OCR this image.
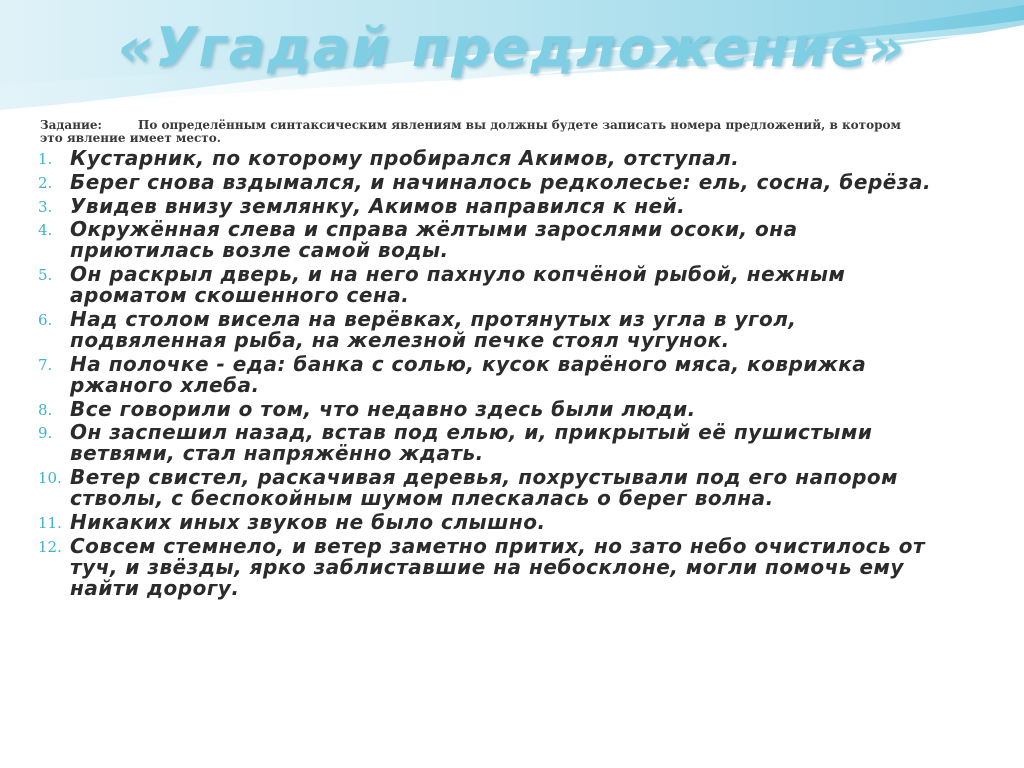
«Угадай предложение»
Задание:	По определённым синтаксическим явлениям вы должны будете записать номера предложений, в котором это явление имеет место.
1. Кустарник, по которому пробирался Акимов, отступал.
2. Берег снова вздымался, и начиналось редколесье: ель, сосна, берёза.
3. Увидев внизу землянку, Акимов направился к ней.
4. Окружённая слева и справа жёлтыми зарослями осоки, она приютилась возле самой воды.
5. Он раскрыл дверь, и на него пахнуло копчёной рыбой, нежным ароматом скошенного сена.
6. Над столом висела на верёвках, протянутых из угла в угол, подвяленная рыба, на железной печке стоял чугунок.
7. На полочке - еда: банка с солью, кусок варёного мяса, коврижка ржаного хлеба.
8. Все говорили о том, что недавно здесь были люди.
9. Он заспешил назад, встав под елью, и, прикрытый её пушистыми ветвями, стал напряжённо ждать.
10. Ветер свистел, раскачивая деревья, похрустывали под его напором стволы, с беспокойным шумом плескалась о берег волна.
11. Никаких иных звуков не было слышно.
12. Совсем стемнело, и ветер заметно притих, но зато небо очистилось от туч, и звёзды, ярко заблиставшие на небосклоне, могли помочь ему найти дорогу.
